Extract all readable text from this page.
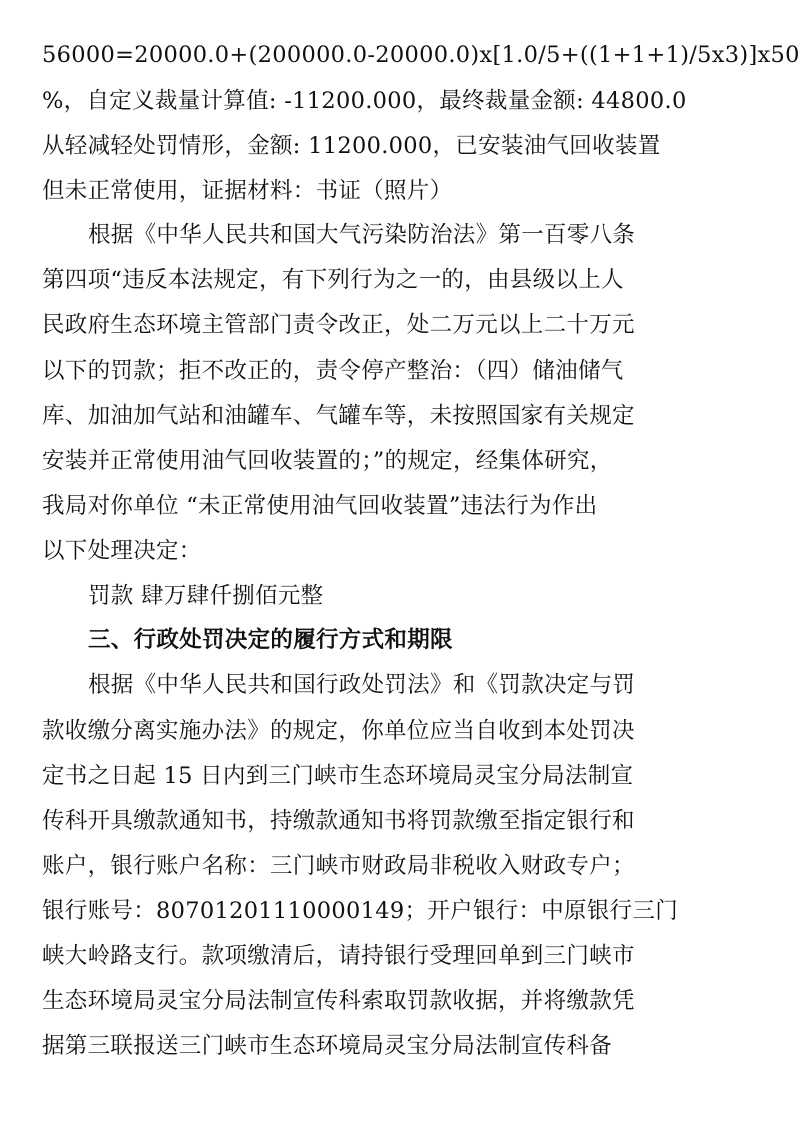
56000=20000.0+(200000.0-20000.0)x[1.0/5+((1+1+1)/5x3)]x50
%，自定义裁量计算值: -11200.000，最终裁量金额: 44800.0
从轻减轻处罚情形，金额: 11200.000，已安装油气回收装置
但未正常使用，证据材料：书证（照片）
根据《中华人民共和国大气污染防治法》第一百零八条
第四项“违反本法规定，有下列行为之一的，由县级以上人
民政府生态环境主管部门责令改正，处二万元以上二十万元
以下的罚款；拒不改正的，责令停产整治：（四）储油储气
库、加油加气站和油罐车、气罐车等，未按照国家有关规定
安装并正常使用油气回收装置的；”的规定，经集体研究，
我局对你单位 “未正常使用油气回收装置”违法行为作出
以下处理决定：
罚款 肆万肆仟捌佰元整
三、行政处罚决定的履行方式和期限
根据《中华人民共和国行政处罚法》和《罚款决定与罚
款收缴分离实施办法》的规定，你单位应当自收到本处罚决
定书之日起 15 日内到三门峡市生态环境局灵宝分局法制宣
传科开具缴款通知书，持缴款通知书将罚款缴至指定银行和
账户，银行账户名称：三门峡市财政局非税收入财政专户；
银行账号：80701201110000149；开户银行：中原银行三门
峡大岭路支行。款项缴清后，请持银行受理回单到三门峡市
生态环境局灵宝分局法制宣传科索取罚款收据，并将缴款凭
据第三联报送三门峡市生态环境局灵宝分局法制宣传科备
